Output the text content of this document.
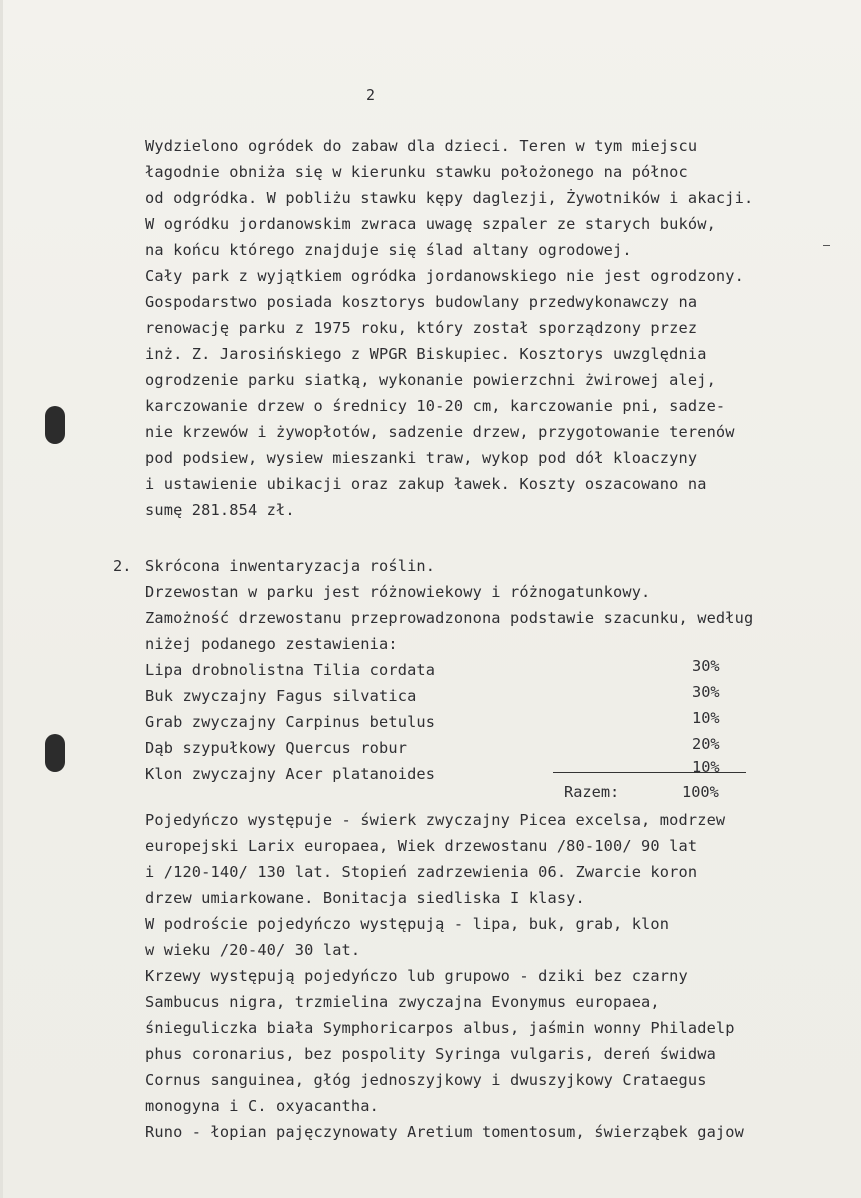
2
Wydzielono ogródek do zabaw dla dzieci. Teren w tym miejscu
łagodnie obniża się w kierunku stawku położonego na północ
od odgródka. W pobliżu stawku kępy daglezji, Żywotników i akacji.
W ogródku jordanowskim zwraca uwagę szpaler ze starych buków,
na końcu którego znajduje się ślad altany ogrodowej.
Cały park z wyjątkiem ogródka jordanowskiego nie jest ogrodzony.
Gospodarstwo posiada kosztorys budowlany przedwykonawczy na
renowację parku z 1975 roku, który został sporządzony przez
inż. Z. Jarosińskiego z WPGR Biskupiec. Kosztorys uwzględnia
ogrodzenie parku siatką, wykonanie powierzchni żwirowej alej,
karczowanie drzew o średnicy 10-20 cm, karczowanie pni, sadze-
nie krzewów i żywopłotów, sadzenie drzew, przygotowanie terenów
pod podsiew, wysiew mieszanki traw, wykop pod dół kloaczyny
i ustawienie ubikacji oraz zakup ławek. Koszty oszacowano na
sumę 281.854 zł.
2. Skrócona inwentaryzacja roślin.
Drzewostan w parku jest różnowiekowy i różnogatunkowy.
Zamożność drzewostanu przeprowadzonona podstawie szacunku, według
niżej podanego zestawienia:
Lipa drobnolistna Tilia cordata	30%
Buk zwyczajny Fagus silvatica	30%
Grab zwyczajny Carpinus betulus	10%
Dąb szypułkowy Quercus robur	20%
Klon zwyczajny Acer platanoides	10%
Razem:	100%
Pojedyńczo występuje - świerk zwyczajny Picea excelsa, modrzew
europejski Larix europaea, Wiek drzewostanu /80-100/ 90 lat
i /120-140/ 130 lat. Stopień zadrzewienia 06. Zwarcie koron
drzew umiarkowane. Bonitacja siedliska I klasy.
W podroście pojedyńczo występują - lipa, buk, grab, klon
w wieku /20-40/ 30 lat.
Krzewy występują pojedyńczo lub grupowo - dziki bez czarny
Sambucus nigra, trzmielina zwyczajna Evonymus europaea,
śnieguliczka biała Symphoricarpos albus, jaśmin wonny Philadelp
phus coronarius, bez pospolity Syringa vulgaris, dereń świdwa
Cornus sanguinea, głóg jednoszyjkowy i dwuszyjkowy Crataegus
monogyna i C. oxyacantha.
Runo - łopian pajęczynowaty Aretium tomentosum, świerząbek gajow
